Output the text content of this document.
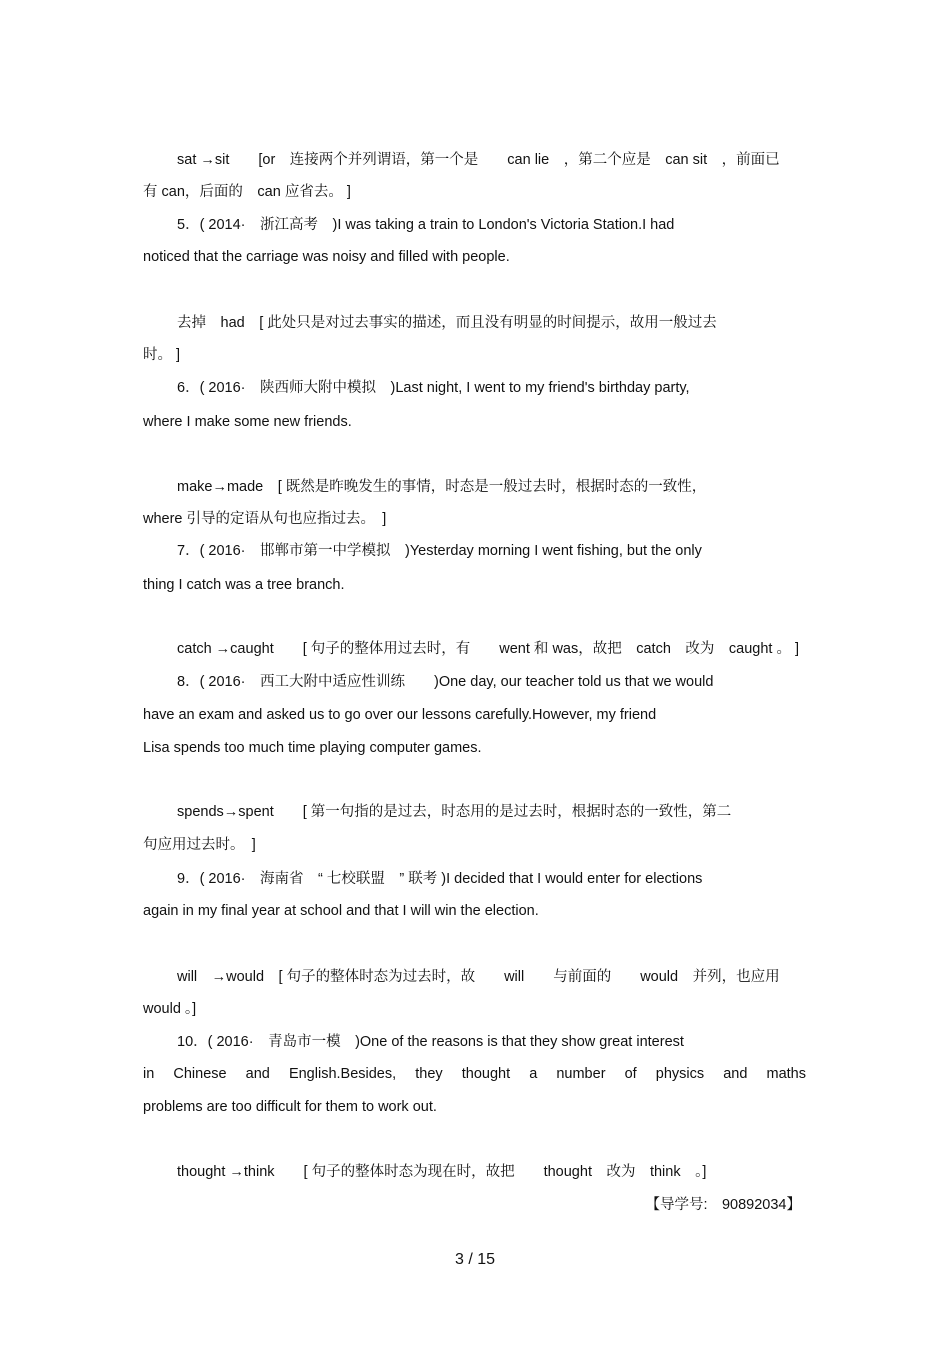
sat →sit　　[or　连接两个并列谓语，第一个是　　can lie　，第二个应是　can sit　，前面已
有 can，后面的　can 应省去。 ]
5．( 2014·　浙江高考　)I was taking a train to London's Victoria Station.I had
noticed that the carriage was noisy and filled with people.
去掉　had　[ 此处只是对过去事实的描述，而且没有明显的时间提示，故用一般过去
时。 ]
6．( 2016·　陕西师大附中模拟　)Last night, I went to my friend's birthday party,
where I make some new friends.
make→made　[ 既然是昨晚发生的事情，时态是一般过去时，根据时态的一致性，
where 引导的定语从句也应指过去。　]
7．( 2016·　邯郸市第一中学模拟　)Yesterday morning I went fishing, but the only
thing I catch was a tree branch.
catch →caught　　[ 句子的整体用过去时，有　　went 和 was，故把　catch　改为　caught 。 ]
8．( 2016·　西工大附中适应性训练　　)One day, our teacher told us that we would
have an exam and asked us to go over our lessons carefully.However, my friend
Lisa spends too much time playing computer games.
spends→spent　　[ 第一句指的是过去，时态用的是过去时，根据时态的一致性，第二
句应用过去时。　]
9．( 2016·　海南省　“ 七校联盟　” 联考 )I decided that I would enter for elections
again in my final year at school and that I will win the election.
will　→would　[ 句子的整体时态为过去时，故　　will　　与前面的　　would　并列，也应用
would 。]
10．( 2016·　青岛市一模　)One of the reasons is that they show great interest
in　Chinese　and　English.Besides,　they　thought　a　number　of　physics　and　maths
problems are too difficult for them to work out.
thought →think　　[ 句子的整体时态为现在时，故把　　thought　改为　think　。]
【导学号:　90892034】
3 / 15
